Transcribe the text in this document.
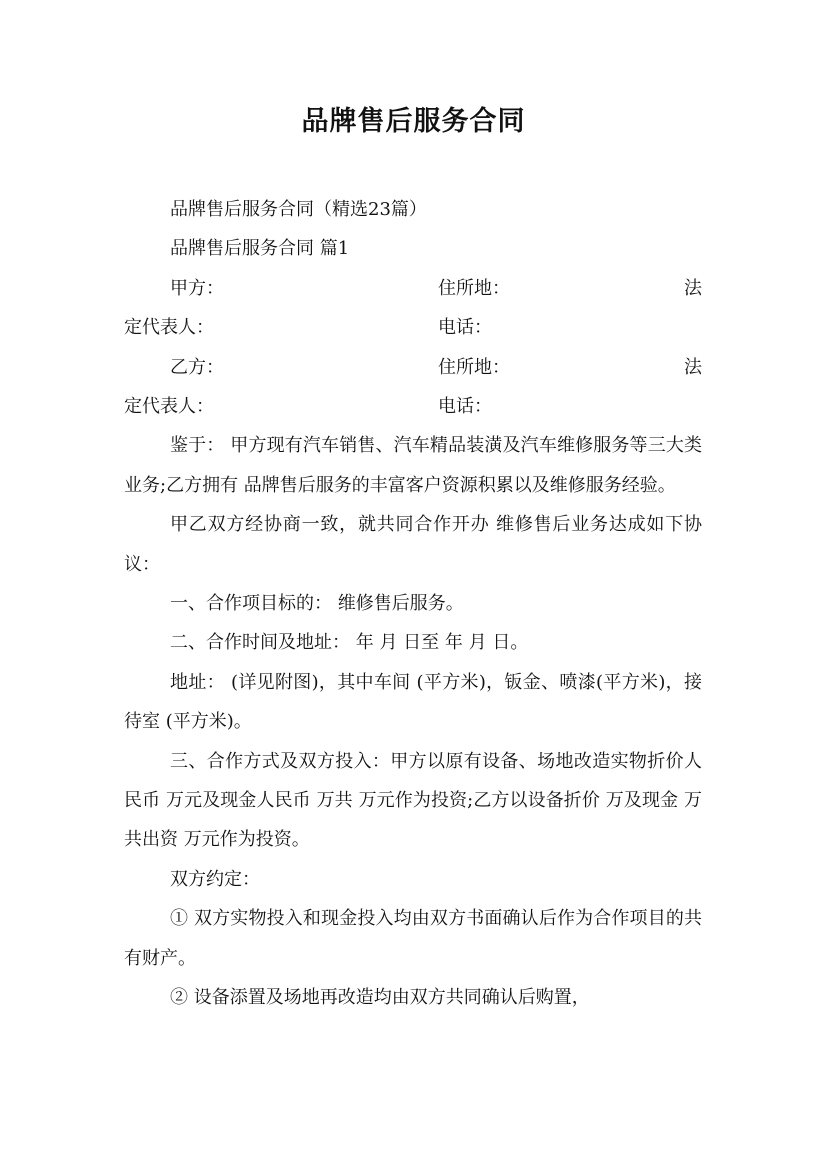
品牌售后服务合同

品牌售后服务合同（精选23篇）

品牌售后服务合同 篇1

甲方：	住所地：	法
定代表人：	电话：
乙方：	住所地：	法
定代表人：	电话：

鉴于： 甲方现有汽车销售、汽车精品装潢及汽车维修服务等三大类业务;乙方拥有 品牌售后服务的丰富客户资源积累以及维修服务经验。

甲乙双方经协商一致，就共同合作开办 维修售后业务达成如下协议：

一、合作项目标的： 维修售后服务。

二、合作时间及地址： 年 月 日至 年 月 日。

地址： (详见附图)，其中车间 (平方米)，钣金、喷漆(平方米)，接待室 (平方米)。

三、合作方式及双方投入：甲方以原有设备、场地改造实物折价人民币 万元及现金人民币 万共 万元作为投资;乙方以设备折价 万及现金 万共出资 万元作为投资。

双方约定：

① 双方实物投入和现金投入均由双方书面确认后作为合作项目的共有财产。

② 设备添置及场地再改造均由双方共同确认后购置，
